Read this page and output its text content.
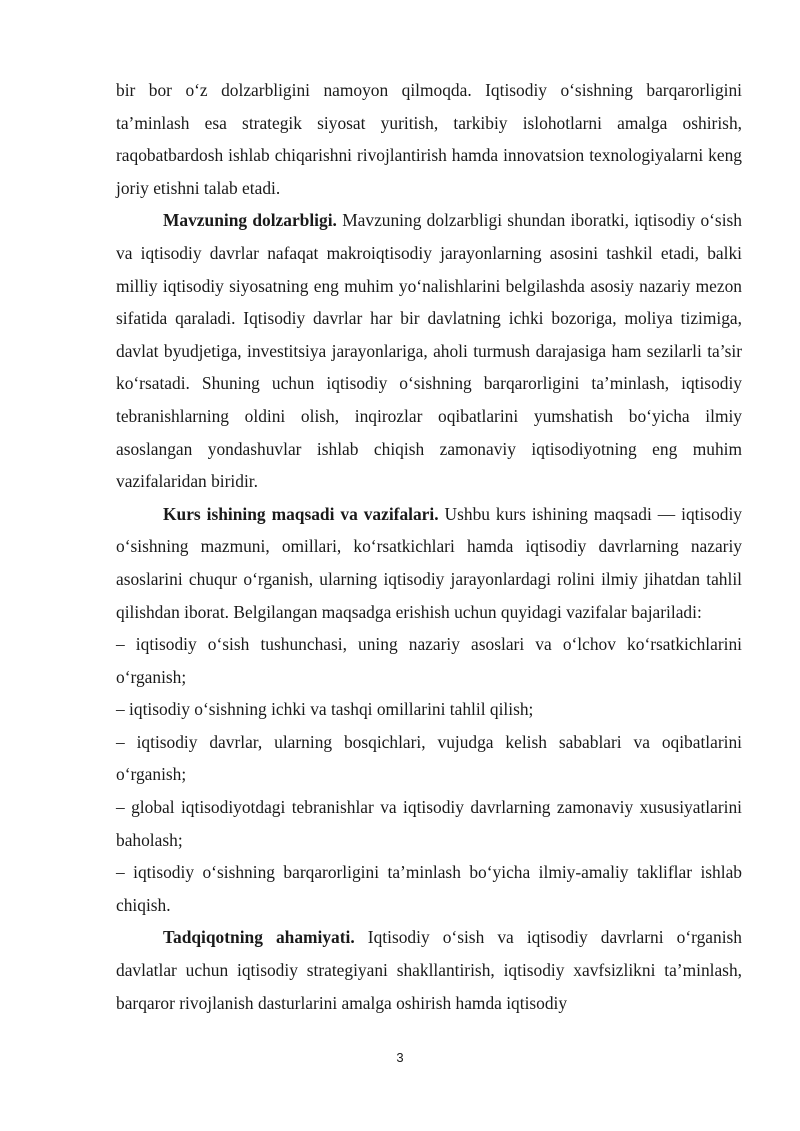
bir bor o‘z dolzarbligini namoyon qilmoqda. Iqtisodiy o‘sishning barqarorligini ta’minlash esa strategik siyosat yuritish, tarkibiy islohotlarni amalga oshirish, raqobatbardosh ishlab chiqarishni rivojlantirish hamda innovatsion texnologiyalarni keng joriy etishni talab etadi.

Mavzuning dolzarbligi. Mavzuning dolzarbligi shundan iboratki, iqtisodiy o‘sish va iqtisodiy davrlar nafaqat makroiqtisodiy jarayonlarning asosini tashkil etadi, balki milliy iqtisodiy siyosatning eng muhim yo‘nalishlarini belgilashda asosiy nazariy mezon sifatida qaraladi. Iqtisodiy davrlar har bir davlatning ichki bozoriga, moliya tizimiga, davlat byudjetiga, investitsiya jarayonlariga, aholi turmush darajasiga ham sezilarli ta’sir ko‘rsatadi. Shuning uchun iqtisodiy o‘sishning barqarorligini ta’minlash, iqtisodiy tebranishlarning oldini olish, inqirozlar oqibatlarini yumshatish bo‘yicha ilmiy asoslangan yondashuvlar ishlab chiqish zamonaviy iqtisodiyotning eng muhim vazifalaridan biridir.

Kurs ishining maqsadi va vazifalari. Ushbu kurs ishining maqsadi — iqtisodiy o‘sishning mazmuni, omillari, ko‘rsatkichlari hamda iqtisodiy davrlarning nazariy asoslarini chuqur o‘rganish, ularning iqtisodiy jarayonlardagi rolini ilmiy jihatdan tahlil qilishdan iborat. Belgilangan maqsadga erishish uchun quyidagi vazifalar bajariladi:

– iqtisodiy o‘sish tushunchasi, uning nazariy asoslari va o‘lchov ko‘rsatkichlarini o‘rganish;

– iqtisodiy o‘sishning ichki va tashqi omillarini tahlil qilish;

– iqtisodiy davrlar, ularning bosqichlari, vujudga kelish sabablari va oqibatlarini o‘rganish;

– global iqtisodiyotdagi tebranishlar va iqtisodiy davrlarning zamonaviy xususiyatlarini baholash;

– iqtisodiy o‘sishning barqarorligini ta’minlash bo‘yicha ilmiy-amaliy takliflar ishlab chiqish.

Tadqiqotning ahamiyati. Iqtisodiy o‘sish va iqtisodiy davrlarni o‘rganish davlatlar uchun iqtisodiy strategiyani shakllantirish, iqtisodiy xavfsizlikni ta’minlash, barqaror rivojlanish dasturlarini amalga oshirish hamda iqtisodiy

3
